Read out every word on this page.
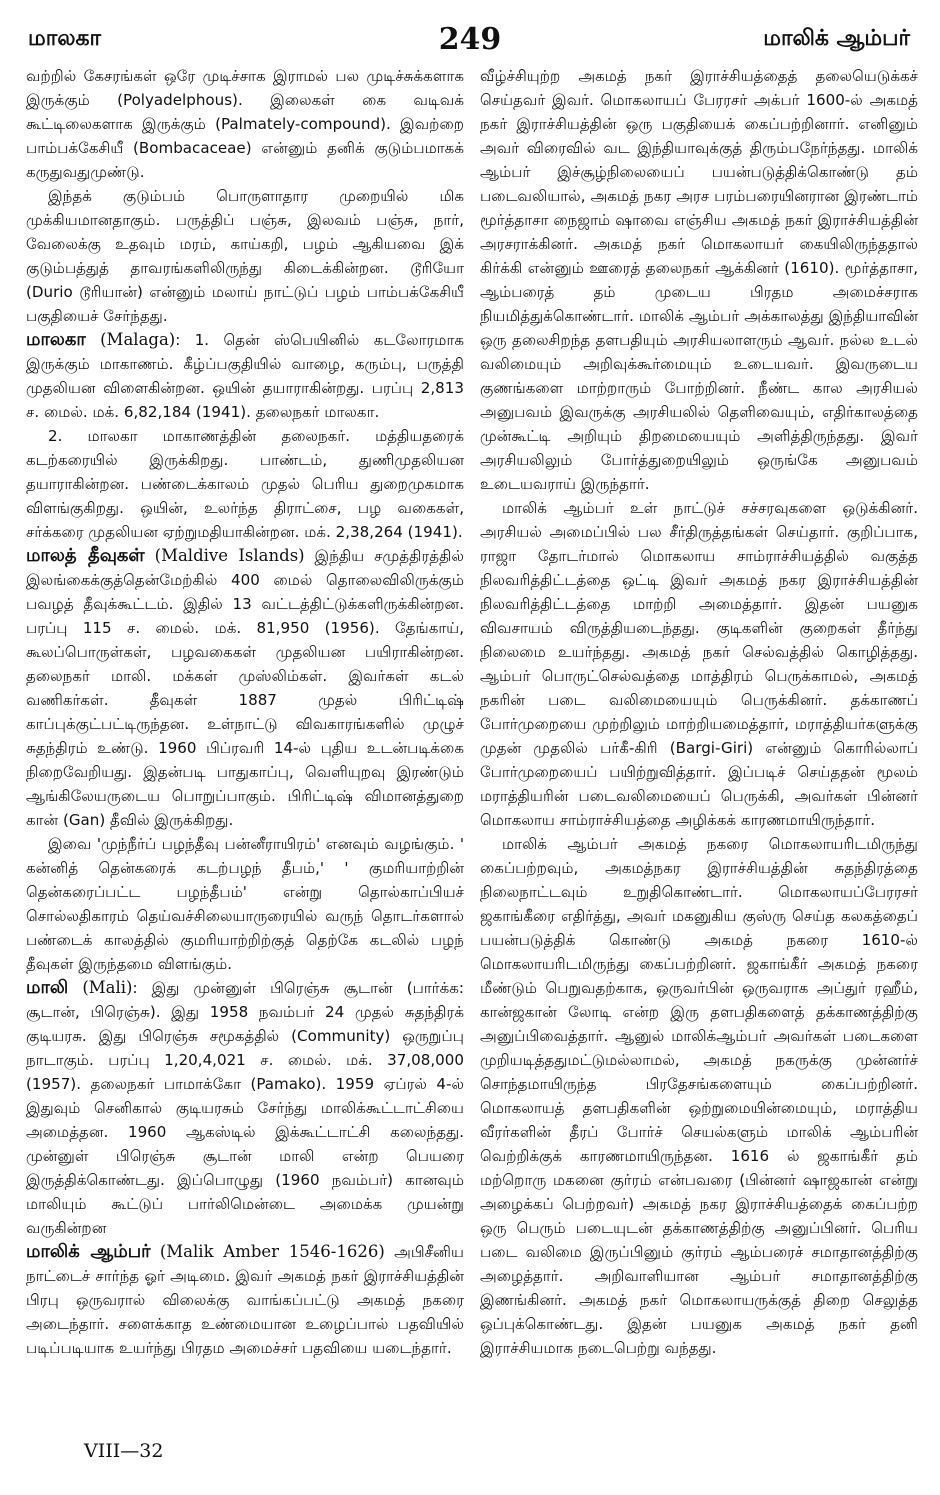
மாலகா	249	மாலிக் ஆம்பர்

வற்றில் கேசரங்கள் ஒரே முடிச்சாக இராமல் பல முடிச்சுக்களாக இருக்கும் (Polyadelphous). இலைகள் கை வடிவக் கூட்டிலைகளாக இருக்கும் (Palmately-compound). இவற்றை பாம்பக்கேசியீ (Bombacaceae) என்னும் தனிக் குடும்பமாகக் கருதுவதுமுண்டு.

இந்தக் குடும்பம் பொருளாதார முறையில் மிக முக்கியமானதாகும். பருத்திப் பஞ்சு, இலவம் பஞ்சு, நார், வேலைக்கு உதவும் மரம், காய்கறி, பழம் ஆகியவை இக் குடும்பத்துத் தாவரங்களிலிருந்து கிடைக்கின்றன. டூரியோ (Durio டூரியான்) என்னும் மலாய் நாட்டுப் பழம் பாம்பக்கேசியீ பகுதியைச் சேர்ந்தது.

மாலகா (Malaga): 1. தென் ஸ்பெயினில் கடலோரமாக இருக்கும் மாகாணம். கீழ்ப்பகுதியில் வாழை, கரும்பு, பருத்தி முதலியன விளைகின்றன. ஒயின் தயாராகின்றது. பரப்பு 2,813 ச. மைல். மக். 6,82,184 (1941). தலைநகர் மாலகா.

2. மாலகா மாகாணத்தின் தலைநகர். மத்தியதரைக் கடற்கரையில் இருக்கிறது. பாண்டம், துணிமுதலியன தயாராகின்றன. பண்டைக்காலம் முதல் பெரிய துறைமுகமாக விளங்குகிறது. ஒயின், உலர்ந்த திராட்சை, பழ வகைகள், சர்க்கரை முதலியன ஏற்றுமதியாகின்றன. மக். 2,38,264 (1941).

மாலத் தீவுகள் (Maldive Islands) இந்திய சமுத்திரத்தில் இலங்கைக்குத்தென்மேற்கில் 400 மைல் தொலைவிலிருக்கும் பவழத் தீவுக்கூட்டம். இதில் 13 வட்டத்திட்டுக்களிருக்கின்றன. பரப்பு 115 ச. மைல். மக். 81,950 (1956). தேங்காய், கூலப்பொருள்கள், பழவகைகள் முதலியன பயிராகின்றன. தலைநகர் மாலி. மக்கள் முஸ்லிம்கள். இவர்கள் கடல் வணிகர்கள். தீவுகள் 1887 முதல் பிரிட்டிஷ் காப்புக்குட்பட்டிருந்தன. உள்நாட்டு விவகாரங்களில் முழுச் சுதந்திரம் உண்டு. 1960 பிப்ரவரி 14-ல் புதிய உடன்படிக்கை நிறைவேறியது. இதன்படி பாதுகாப்பு, வெளியுறவு இரண்டும் ஆங்கிலேயருடைய பொறுப்பாகும். பிரிட்டிஷ் விமானத்துறை கான் (Gan) தீவில் இருக்கிறது.

இவை 'முந்நீர்ப் பழந்தீவு பன்னீராயிரம்' எனவும் வழங்கும். ' கன்னித் தென்கரைக் கடற்பழந் தீபம்,' ' குமரியாற்றின் தென்கரைப்பட்ட பழந்தீபம்' என்று தொல்காப்பியச் சொல்லதிகாரம் தெய்வச்சிலையாருரையில் வருந் தொடர்களால் பண்டைக் காலத்தில் குமரியாற்றிற்குத் தெற்கே கடலில் பழந் தீவுகள் இருந்தமை விளங்கும்.

மாலி (Mali): இது முன்னுள் பிரெஞ்சு சூடான் (பார்க்க: சூடான், பிரெஞ்சு). இது 1958 நவம்பர் 24 முதல் சுதந்திரக் குடியரசு. இது பிரெஞ்சு சமூகத்தில் (Community) ஒருறுப்பு நாடாகும். பரப்பு 1,20,4,021 ச. மைல். மக். 37,08,000 (1957). தலைநகர் பாமாக்கோ (Pamako). 1959 ஏப்ரல் 4-ல் இதுவும் செனிகால் குடியரசும் சேர்ந்து மாலிக்கூட்டாட்சியை அமைத்தன. 1960 ஆகஸ்டில் இக்கூட்டாட்சி கலைந்தது. முன்னுள் பிரெஞ்சு சூடான் மாலி என்ற பெயரை இருத்திக்கொண்டது. இப்பொழுது (1960 நவம்பர்) கானவும் மாலியும் கூட்டுப் பார்லிமென்டை அமைக்க முயன்று வருகின்றன

மாலிக் ஆம்பர் (Malik Amber 1546-1626) அபிசீனிய நாட்டைச் சார்ந்த ஓர் அடிமை. இவர் அகமத் நகர் இராச்சியத்தின் பிரபு ஒருவரால் விலைக்கு வாங்கப்பட்டு அகமத் நகரை அடைந்தார். சளைக்காத உண்மையான உழைப்பால் பதவியில் படிப்படியாக உயர்ந்து பிரதம அமைச்சர் பதவியை யடைந்தார்.

வீழ்ச்சியுற்ற அகமத் நகர் இராச்சியத்தைத் தலையெடுக்கச் செய்தவர் இவர். மொகலாயப் பேரரசர் அக்பர் 1600-ல் அகமத் நகர் இராச்சியத்தின் ஒரு பகுதியைக் கைப்பற்றினார். எனினும் அவர் விரைவில் வட இந்தியாவுக்குத் திரும்பநேர்ந்தது. மாலிக் ஆம்பர் இச்சூழ்நிலையைப் பயன்படுத்திக்கொண்டு தம் படைவலியால், அகமத் நகர அரச பரம்பரையினரான இரண்டாம் மூர்த்தாசா நைஜாம் ஷாவை எஞ்சிய அகமத் நகர் இராச்சியத்தின் அரசராக்கினர். அகமத் நகர் மொகலாயர் கையிலிருந்ததால் கிர்க்கி என்னும் ஊரைத் தலைநகர் ஆக்கினர் (1610). மூர்த்தாசா, ஆம்பரைத் தம் முடைய பிரதம அமைச்சராக நியமித்துக்கொண்டார். மாலிக் ஆம்பர் அக்காலத்து இந்தியாவின் ஒரு தலைசிறந்த தளபதியும் அரசியலாளரும் ஆவர். நல்ல உடல் வலிமையும் அறிவுக்கூர்மையும் உடையவர். இவருடைய குணங்களை மாற்றாரும் போற்றினர். நீண்ட கால அரசியல் அனுபவம் இவருக்கு அரசியலில் தெளிவையும், எதிர்காலத்தை முன்கூட்டி அறியும் திறமையையும் அளித்திருந்தது. இவர் அரசியலிலும் போர்த்துறையிலும் ஒருங்கே அனுபவம் உடையவராய் இருந்தார்.

மாலிக் ஆம்பர் உள் நாட்டுச் சச்சரவுகளை ஒடுக்கினர். அரசியல் அமைப்பில் பல சீர்திருத்தங்கள் செய்தார். குறிப்பாக, ராஜா தோடர்மால் மொகலாய சாம்ராச்சியத்தில் வகுத்த நிலவரித்திட்டத்தை ஒட்டி இவர் அகமத் நகர இராச்சியத்தின் நிலவரித்திட்டத்தை மாற்றி அமைத்தார். இதன் பயனுக விவசாயம் விருத்தியடைந்தது. குடிகளின் குறைகள் தீர்ந்து நிலைமை உயர்ந்தது. அகமத் நகர் செல்வத்தில் கொழித்தது. ஆம்பர் பொருட்செல்வத்தை மாத்திரம் பெருக்காமல், அகமத் நகரின் படை வலிமையையும் பெருக்கினர். தக்காணப் போர்முறையை முற்றிலும் மாற்றியமைத்தார், மராத்தியர்களுக்கு முதன் முதலில் பர்கீ-கிரி (Bargi-Giri) என்னும் கொரில்லாப் போர்முறையைப் பயிற்றுவித்தார். இப்படிச் செய்ததன் மூலம் மராத்தியரின் படைவலிமையைப் பெருக்கி, அவர்கள் பின்னர் மொகலாய சாம்ராச்சியத்தை அழிக்கக் காரணமாயிருந்தார்.

மாலிக் ஆம்பர் அகமத் நகரை மொகலாயரிடமிருந்து கைப்பற்றவும், அகமத்நகர இராச்சியத்தின் சுதந்திரத்தை நிலைநாட்டவும் உறுதிகொண்டார். மொகலாயப்பேரரசர் ஜகாங்கீரை எதிர்த்து, அவர் மகனுகிய குஸ்ரு செய்த கலகத்தைப் பயன்படுத்திக் கொண்டு அகமத் நகரை 1610-ல் மொகலாயரிடமிருந்து கைப்பற்றினர். ஜகாங்கீர் அகமத் நகரை மீண்டும் பெறுவதற்காக, ஒருவர்பின் ஒருவராக அப்துர் ரஹீம், கான்ஜகான் லோடி என்ற இரு தளபதிகளைத் தக்காணத்திற்கு அனுப்பிவைத்தார். ஆனுல் மாலிக்ஆம்பர் அவர்கள் படைகளை முறியடித்ததுமட்டுமல்லாமல், அகமத் நகருக்கு முன்னர்ச் சொந்தமாயிருந்த பிரதேசங்களையும் கைப்பற்றினர். மொகலாயத் தளபதிகளின் ஒற்றுமையின்மையும், மராத்திய வீரர்களின் தீரப் போர்ச் செயல்களும் மாலிக் ஆம்பரின் வெற்றிக்குக் காரணமாயிருந்தன. 1616 ல் ஜகாங்கீர் தம் மற்றொரு மகனை குர்ரம் என்பவரை (பின்னர் ஷாஜகான் என்று அழைக்கப் பெற்றவர்) அகமத் நகர இராச்சியத்தைக் கைப்பற்ற ஒரு பெரும் படையுடன் தக்காணத்திற்கு அனுப்பினர். பெரிய படை வலிமை இருப்பினும் குர்ரம் ஆம்பரைச் சமாதானத்திற்கு அழைத்தார். அறிவாளியான ஆம்பர் சமாதானத்திற்கு இணங்கினர். அகமத் நகர் மொகலாயருக்குத் திறை செலுத்த ஒப்புக்கொண்டது. இதன் பயனுக அகமத் நகர் தனி இராச்சியமாக நடைபெற்று வந்தது.

VIII—32
